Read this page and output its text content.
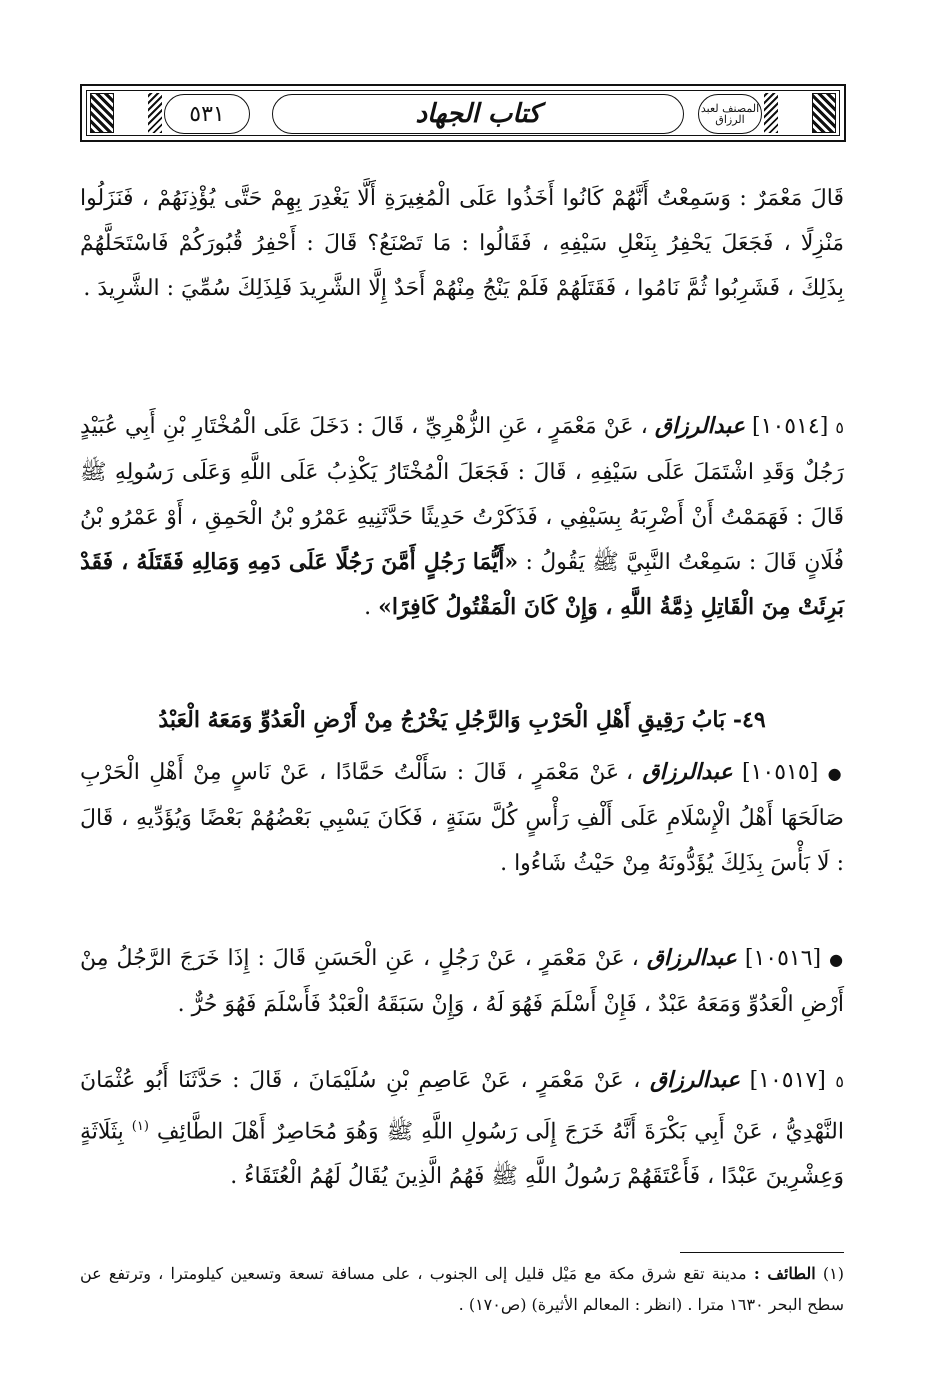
المصنف لعبد الرزاق
كتاب الجهاد
٥٣١

قَالَ مَعْمَرٌ : وَسَمِعْتُ أَنَّهُمْ كَانُوا أَخَذُوا عَلَى الْمُغِيرَةِ أَلَّا يَغْدِرَ بِهِمْ حَتَّى يُؤْذِنَهُمْ ، فَنَزَلُوا مَنْزِلًا ، فَجَعَلَ يَحْفِرُ بِنَعْلِ سَيْفِهِ ، فَقَالُوا : مَا تَصْنَعُ؟ قَالَ : أَحْفِرُ قُبُورَكُمْ فَاسْتَحَلَّهُمْ بِذَلِكَ ، فَشَرِبُوا ثُمَّ نَامُوا ، فَقَتَلَهُمْ فَلَمْ يَنْجُ مِنْهُمْ أَحَدٌ إِلَّا الشَّرِيدَ فَلِذَلِكَ سُمِّيَ : الشَّرِيدَ .

٥ [١٠٥١٤] عبدالرزاق ، عَنْ مَعْمَرٍ ، عَنِ الزُّهْرِيِّ ، قَالَ : دَخَلَ عَلَى الْمُخْتَارِ بْنِ أَبِي عُبَيْدٍ رَجُلٌ وَقَدِ اشْتَمَلَ عَلَى سَيْفِهِ ، قَالَ : فَجَعَلَ الْمُخْتَارُ يَكْذِبُ عَلَى اللَّهِ وَعَلَى رَسُولِهِ ﷺ قَالَ : فَهَمَمْتُ أَنْ أَضْرِبَهُ بِسَيْفِي ، فَذَكَرْتُ حَدِيثًا حَدَّثَنِيهِ عَمْرُو بْنُ الْحَمِقِ ، أَوْ عَمْرُو بْنُ فُلَانٍ قَالَ : سَمِعْتُ النَّبِيَّ ﷺ يَقُولُ : «أَيُّمَا رَجُلٍ أَمَّنَ رَجُلًا عَلَى دَمِهِ وَمَالِهِ فَقَتَلَهُ ، فَقَدْ بَرِئَتْ مِنَ الْقَاتِلِ ذِمَّةُ اللَّهِ ، وَإِنْ كَانَ الْمَقْتُولُ كَافِرًا» .

٤٩- بَابُ رَقِيقِ أَهْلِ الْحَرْبِ وَالرَّجُلِ يَخْرُجُ مِنْ أَرْضِ الْعَدُوِّ وَمَعَهُ الْعَبْدُ

● [١٠٥١٥] عبدالرزاق ، عَنْ مَعْمَرٍ ، قَالَ : سَأَلْتُ حَمَّادًا ، عَنْ نَاسٍ مِنْ أَهْلِ الْحَرْبِ صَالَحَهَا أَهْلُ الْإِسْلَامِ عَلَى أَلْفِ رَأْسٍ كُلَّ سَنَةٍ ، فَكَانَ يَسْبِي بَعْضُهُمْ بَعْضًا وَيُؤَدِّيهِ ، قَالَ : لَا بَأْسَ بِذَلِكَ يُؤَدُّونَهُ مِنْ حَيْثُ شَاءُوا .

● [١٠٥١٦] عبدالرزاق ، عَنْ مَعْمَرٍ ، عَنْ رَجُلٍ ، عَنِ الْحَسَنِ قَالَ : إِذَا خَرَجَ الرَّجُلُ مِنْ أَرْضِ الْعَدُوِّ وَمَعَهُ عَبْدٌ ، فَإِنْ أَسْلَمَ فَهُوَ لَهُ ، وَإِنْ سَبَقَهُ الْعَبْدُ فَأَسْلَمَ فَهُوَ حُرٌّ .

٥ [١٠٥١٧] عبدالرزاق ، عَنْ مَعْمَرٍ ، عَنْ عَاصِمِ بْنِ سُلَيْمَانَ ، قَالَ : حَدَّثَنَا أَبُو عُثْمَانَ النَّهْدِيُّ ، عَنْ أَبِي بَكْرَةَ أَنَّهُ خَرَجَ إِلَى رَسُولِ اللَّهِ ﷺ وَهُوَ مُحَاصِرٌ أَهْلَ الطَّائِفِ $^{(١)}$ بِثَلَاثَةٍ وَعِشْرِينَ عَبْدًا ، فَأَعْتَقَهُمْ رَسُولُ اللَّهِ ﷺ فَهُمُ الَّذِينَ يُقَالُ لَهُمُ الْعُتَقَاءُ .

(١) الطائف : مدينة تقع شرق مكة مع مَيْل قليل إلى الجنوب ، على مسافة تسعة وتسعين كيلومترا ، وترتفع عن سطح البحر ١٦٣٠ مترا . (انظر : المعالم الأثيرة) (ص١٧٠) .
